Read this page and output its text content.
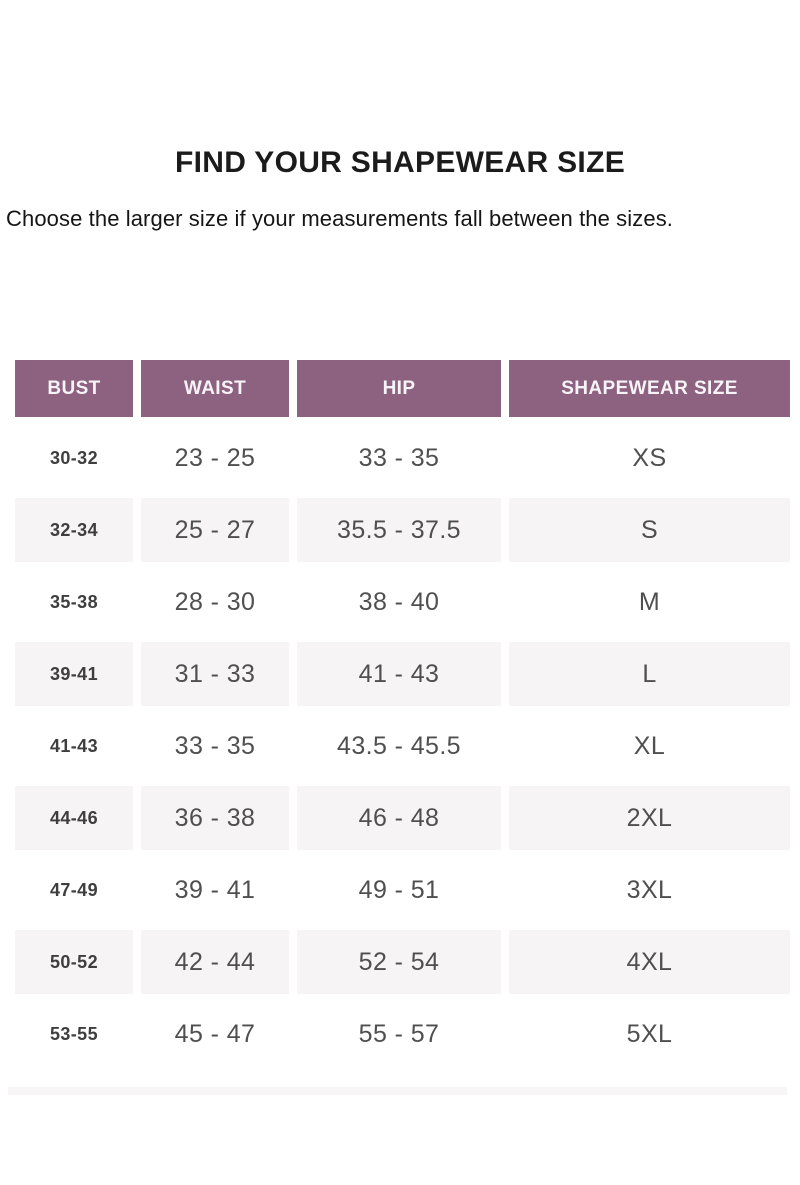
FIND YOUR SHAPEWEAR SIZE

Choose the larger size if your measurements fall between the sizes.

BUST	WAIST	HIP	SHAPEWEAR SIZE
30-32	23 - 25	33 - 35	XS
32-34	25 - 27	35.5 - 37.5	S
35-38	28 - 30	38 - 40	M
39-41	31 - 33	41 - 43	L
41-43	33 - 35	43.5 - 45.5	XL
44-46	36 - 38	46 - 48	2XL
47-49	39 - 41	49 - 51	3XL
50-52	42 - 44	52 - 54	4XL
53-55	45 - 47	55 - 57	5XL
